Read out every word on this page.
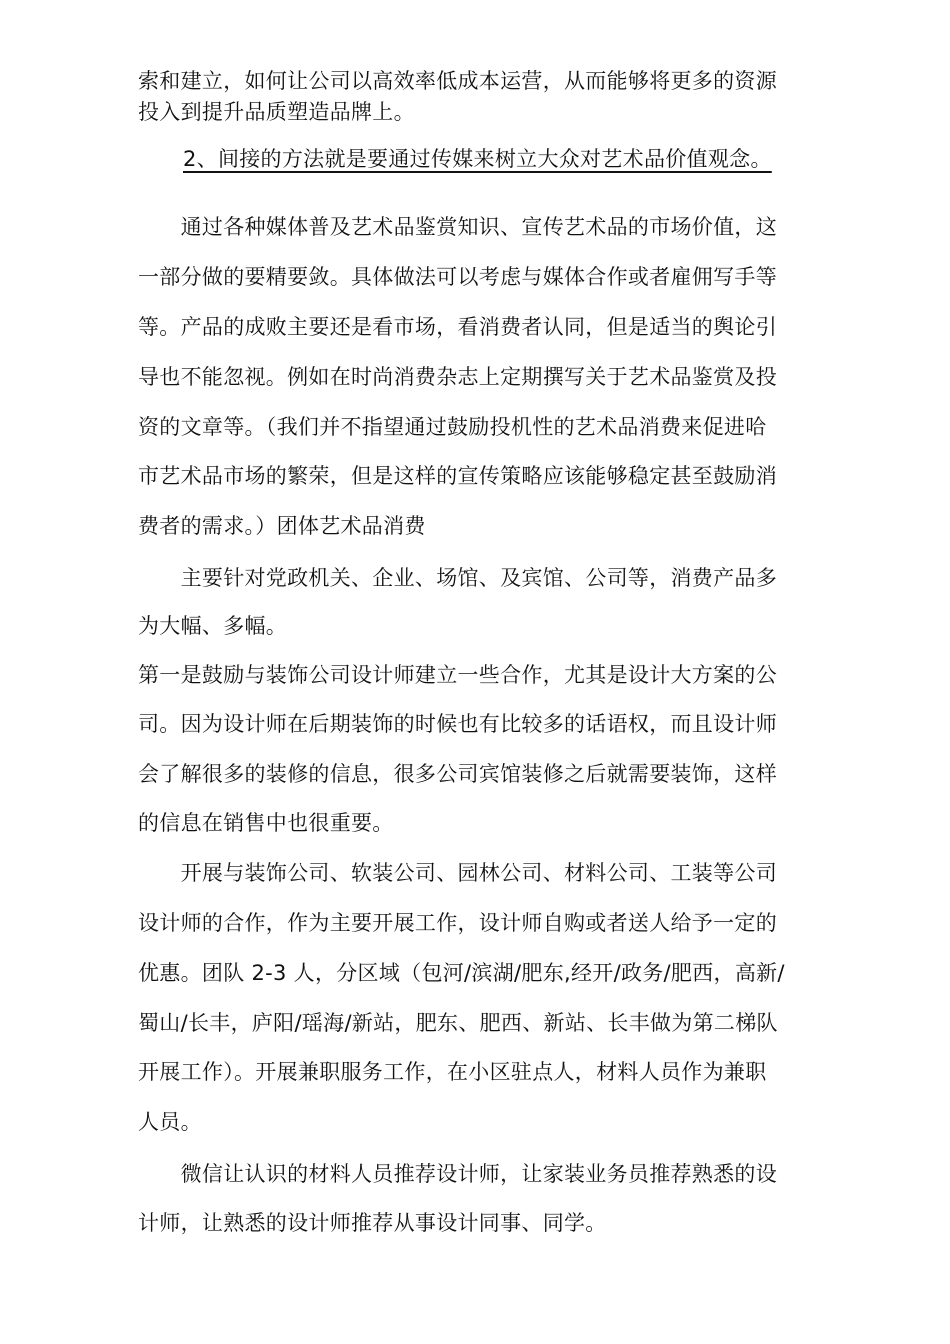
索和建立，如何让公司以高效率低成本运营，从而能够将更多的资源
投入到提升品质塑造品牌上。
2、间接的方法就是要通过传媒来树立大众对艺术品价值观念。
　　通过各种媒体普及艺术品鉴赏知识、宣传艺术品的市场价值，这
一部分做的要精要敛。具体做法可以考虑与媒体合作或者雇佣写手等
等。产品的成败主要还是看市场，看消费者认同，但是适当的舆论引
导也不能忽视。例如在时尚消费杂志上定期撰写关于艺术品鉴赏及投
资的文章等。（我们并不指望通过鼓励投机性的艺术品消费来促进哈
市艺术品市场的繁荣，但是这样的宣传策略应该能够稳定甚至鼓励消
费者的需求。）团体艺术品消费
　　主要针对党政机关、企业、场馆、及宾馆、公司等，消费产品多
为大幅、多幅。
第一是鼓励与装饰公司设计师建立一些合作，尤其是设计大方案的公
司。因为设计师在后期装饰的时候也有比较多的话语权，而且设计师
会了解很多的装修的信息，很多公司宾馆装修之后就需要装饰，这样
的信息在销售中也很重要。
　　开展与装饰公司、软装公司、园林公司、材料公司、工装等公司
设计师的合作，作为主要开展工作，设计师自购或者送人给予一定的
优惠。团队 2-3 人，分区域（包河/滨湖/肥东,经开/政务/肥西，高新/
蜀山/长丰，庐阳/瑶海/新站，肥东、肥西、新站、长丰做为第二梯队
开展工作）。开展兼职服务工作，在小区驻点人，材料人员作为兼职
人员。
　　微信让认识的材料人员推荐设计师，让家装业务员推荐熟悉的设
计师，让熟悉的设计师推荐从事设计同事、同学。
